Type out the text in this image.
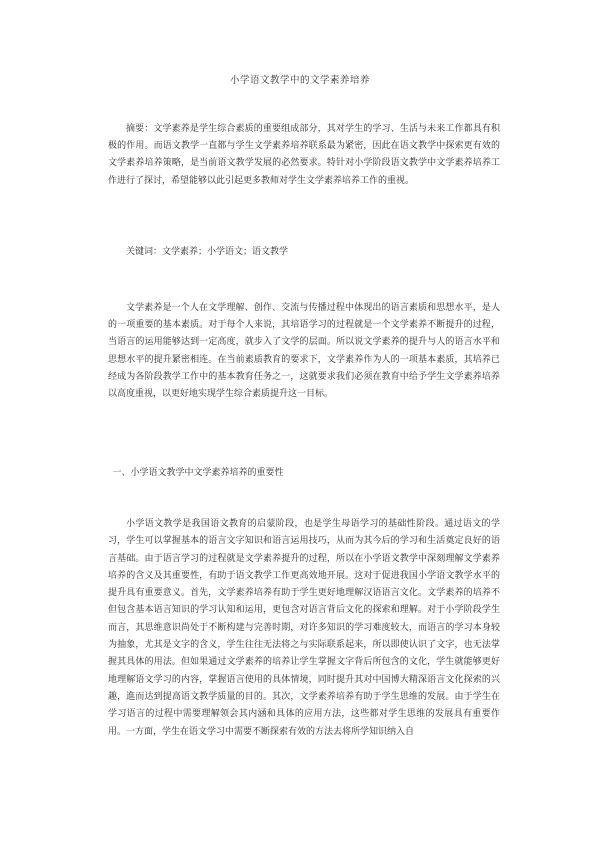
小学语文教学中的文学素养培养

摘要：文学素养是学生综合素质的重要组成部分，其对学生的学习、生活与未来工作都具有积极的作用。而语文教学一直都与学生文学素养培养联系最为紧密，因此在语文教学中探索更有效的文学素养培养策略，是当前语文教学发展的必然要求。特针对小学阶段语文教学中文学素养培养工作进行了探讨，希望能够以此引起更多教师对学生文学素养培养工作的重视。

关键词：文学素养；小学语文；语文教学

文学素养是一个人在文学理解、创作、交流与传播过程中体现出的语言素质和思想水平，是人的一项重要的基本素质。对于每个人来说，其培语学习的过程就是一个文学素养不断提升的过程，当语言的运用能够达到一定高度，就步入了文学的层面。所以说文学素养的提升与人的语言水平和思想水平的提升紧密相连。在当前素质教育的要求下，文学素养作为人的一项基本素质，其培养已经成为各阶段教学工作中的基本教育任务之一，这就要求我们必须在教育中给予学生文学素养培养以高度重视，以更好地实现学生综合素质提升这一目标。

一、小学语文教学中文学素养培养的重要性

小学语文教学是我国语文教育的启蒙阶段，也是学生母语学习的基础性阶段。通过语文的学习，学生可以掌握基本的语言文字知识和语言运用技巧，从而为其今后的学习和生活奠定良好的语言基础。由于语言学习的过程就是文学素养提升的过程，所以在小学语文教学中深刻理解文学素养培养的含义及其重要性，有助于语文教学工作更高效地开展。这对于促进我国小学语文教学水平的提升具有重要意义。首先，文学素养培养有助于学生更好地理解汉语语言文化。文学素养的培养不但包含基本语言知识的学习认知和运用，更包含对语言背后文化的探索和理解。对于小学阶段学生而言，其思维意识尚处于不断构建与完善时期，对许多知识的学习难度较大，而语言的学习本身较为抽象，尤其是文字的含义，学生往往无法将之与实际联系起来，所以即使认识了文字，也无法掌握其具体的用法。但如果通过文学素养的培养让学生掌握文字背后所包含的文化，学生就能够更好地理解语文学习的内容，掌握语言使用的具体情境，同时提升其对中国博大精深语言文化探索的兴趣，進而达到提高语文教学质量的目的。其次，文学素养培养有助于学生思维的发展。由于学生在学习语言的过程中需要理解领会其内涵和具体的应用方法，这些都对学生思维的发展具有重要作用。一方面，学生在语文学习中需要不断探索有效的方法去将所学知识纳入自
